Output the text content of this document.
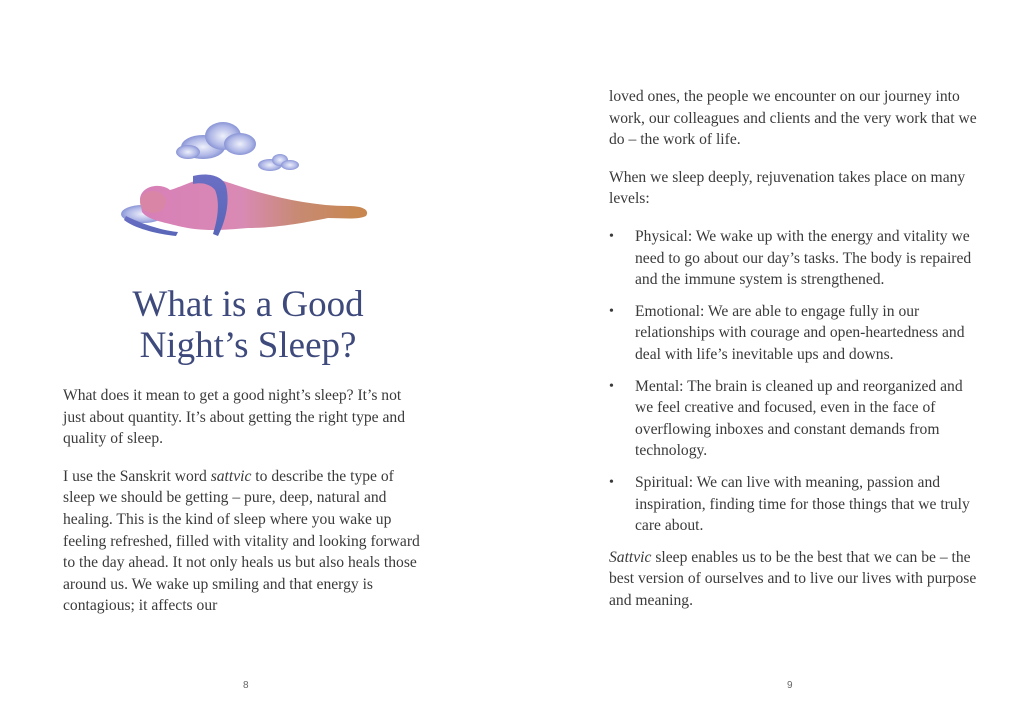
What is a Good
Night’s Sleep?

What does it mean to get a good night’s sleep? It’s not just about quantity. It’s about getting the right type and quality of sleep.

I use the Sanskrit word sattvic to describe the type of sleep we should be getting – pure, deep, natural and healing. This is the kind of sleep where you wake up feeling refreshed, filled with vitality and looking forward to the day ahead. It not only heals us but also heals those around us. We wake up smiling and that energy is contagious; it affects our

8

loved ones, the people we encounter on our journey into work, our colleagues and clients and the very work that we do – the work of life.

When we sleep deeply, rejuvenation takes place on many levels:

•	Physical: We wake up with the energy and vitality we need to go about our day’s tasks. The body is repaired and the immune system is strengthened.
•	Emotional: We are able to engage fully in our relationships with courage and open-heartedness and deal with life’s inevitable ups and downs.
•	Mental: The brain is cleaned up and reorganized and we feel creative and focused, even in the face of overflowing inboxes and constant demands from technology.
•	Spiritual: We can live with meaning, passion and inspiration, finding time for those things that we truly care about.

Sattvic sleep enables us to be the best that we can be – the best version of ourselves and to live our lives with purpose and meaning.

9
